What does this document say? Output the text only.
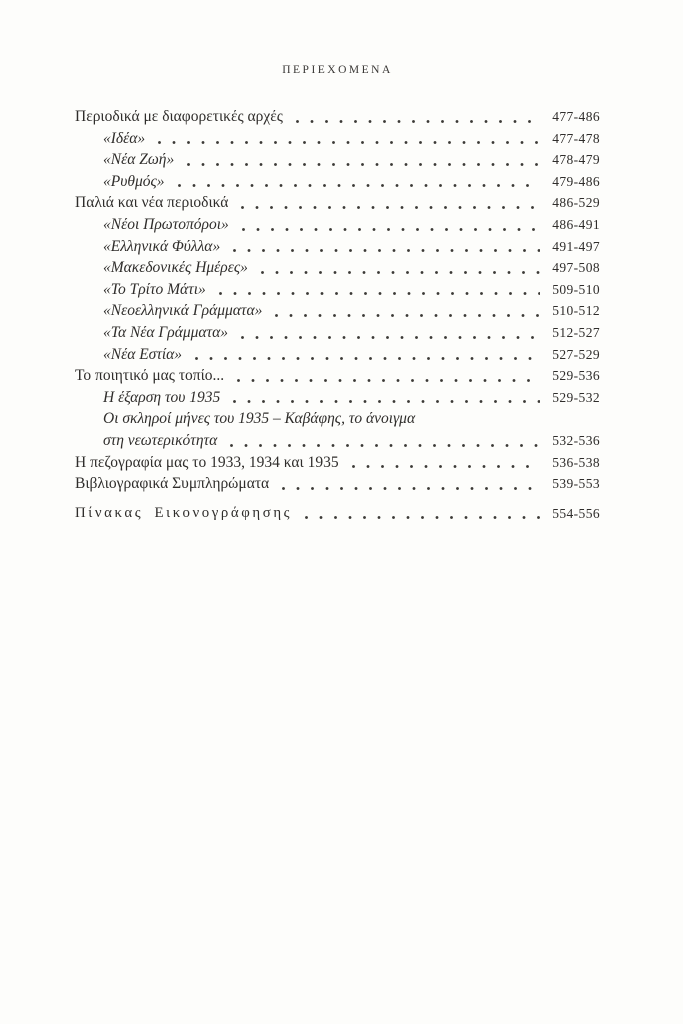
ΠΕΡΙΕΧΟΜΕΝΑ
Περιοδικά με διαφορετικές αρχές	477-486
«Ιδέα»	477-478
«Νέα Ζωή»	478-479
«Ρυθμός»	479-486
Παλιά και νέα περιοδικά	486-529
«Νέοι Πρωτοπόροι»	486-491
«Ελληνικά Φύλλα»	491-497
«Μακεδονικές Ημέρες»	497-508
«Το Τρίτο Μάτι»	509-510
«Νεοελληνικά Γράμματα»	510-512
«Τα Νέα Γράμματα»	512-527
«Νέα Εστία»	527-529
Το ποιητικό μας τοπίο...	529-536
Η έξαρση του 1935	529-532
Οι σκληροί μήνες του 1935 – Καβάφης, το άνοιγμα
στη νεωτερικότητα	532-536
Η πεζογραφία μας το 1933, 1934 και 1935	536-538
Βιβλιογραφικά Συμπληρώματα	539-553
Πίνακας Εικονογράφησης	554-556
